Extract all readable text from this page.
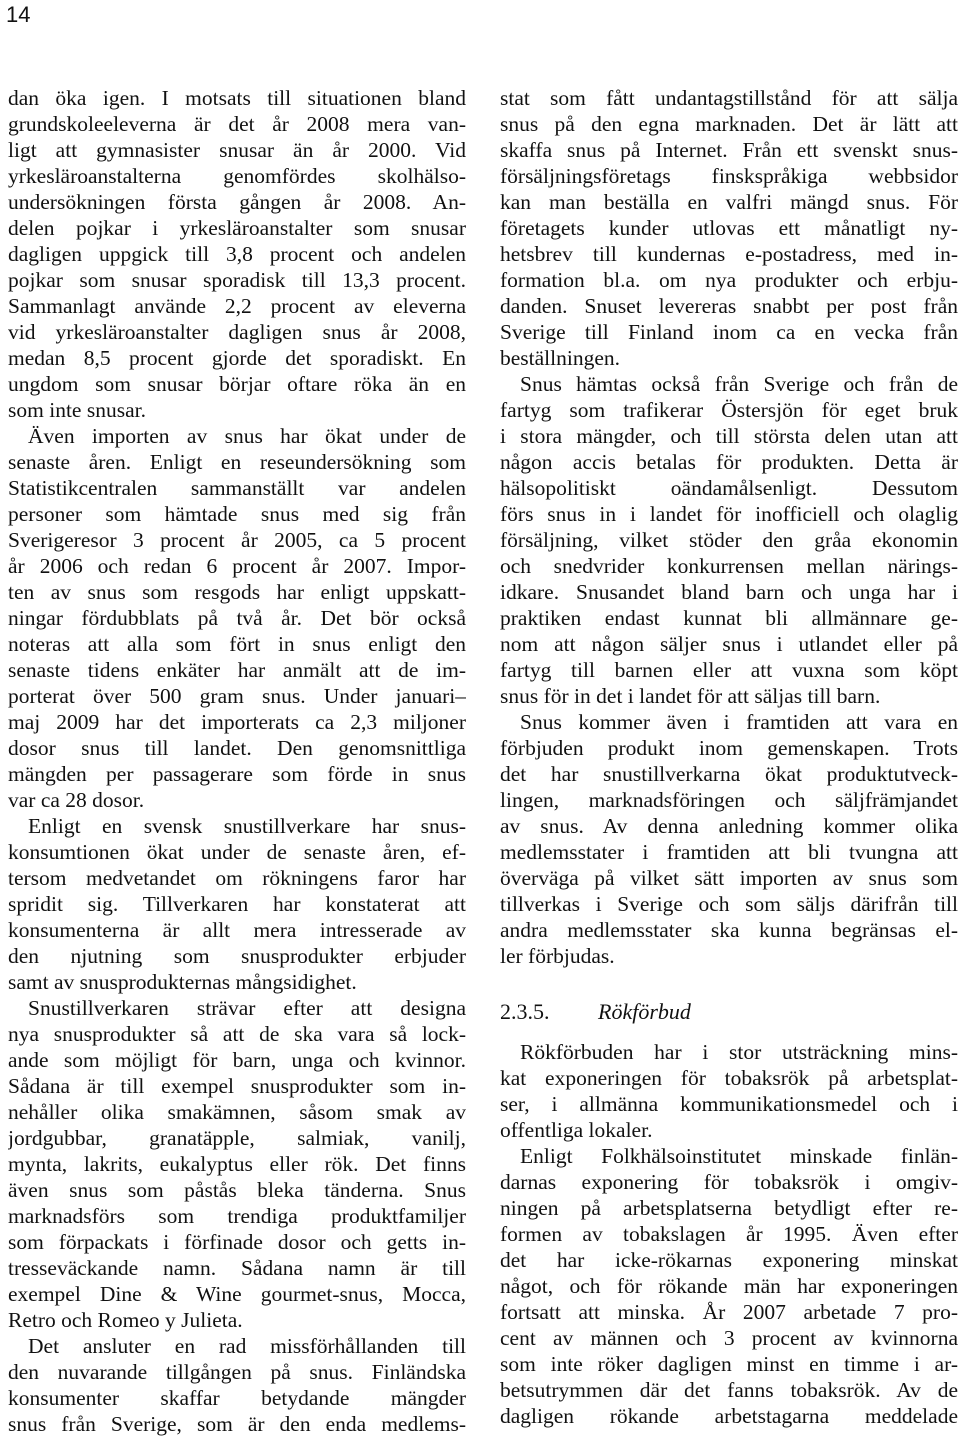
14
dan öka igen. I motsats till situationen bland
grundskoleeleverna är det år 2008 mera van-
ligt att gymnasister snusar än år 2000. Vid
yrkesläroanstalterna genomfördes skolhälso-
undersökningen första gången år 2008. An-
delen pojkar i yrkesläroanstalter som snusar
dagligen uppgick till 3,8 procent och andelen
pojkar som snusar sporadisk till 13,3 procent.
Sammanlagt använde 2,2 procent av eleverna
vid yrkesläroanstalter dagligen snus år 2008,
medan 8,5 procent gjorde det sporadiskt. En
ungdom som snusar börjar oftare röka än en
som inte snusar.
Även importen av snus har ökat under de
senaste åren. Enligt en reseundersökning som
Statistikcentralen sammanställt var andelen
personer som hämtade snus med sig från
Sverigeresor 3 procent år 2005, ca 5 procent
år 2006 och redan 6 procent år 2007. Impor-
ten av snus som resgods har enligt uppskatt-
ningar fördubblats på två år. Det bör också
noteras att alla som fört in snus enligt den
senaste tidens enkäter har anmält att de im-
porterat över 500 gram snus. Under januari–
maj 2009 har det importerats ca 2,3 miljoner
dosor snus till landet. Den genomsnittliga
mängden per passagerare som förde in snus
var ca 28 dosor.
Enligt en svensk snustillverkare har snus-
konsumtionen ökat under de senaste åren, ef-
tersom medvetandet om rökningens faror har
spridit sig. Tillverkaren har konstaterat att
konsumenterna är allt mera intresserade av
den njutning som snusprodukter erbjuder
samt av snusprodukternas mångsidighet.
Snustillverkaren strävar efter att designa
nya snusprodukter så att de ska vara så lock-
ande som möjligt för barn, unga och kvinnor.
Sådana är till exempel snusprodukter som in-
nehåller olika smakämnen, såsom smak av
jordgubbar, granatäpple, salmiak, vanilj,
mynta, lakrits, eukalyptus eller rök. Det finns
även snus som påstås bleka tänderna. Snus
marknadsförs som trendiga produktfamiljer
som förpackats i förfinade dosor och getts in-
tresseväckande namn. Sådana namn är till
exempel Dine & Wine gourmet-snus, Mocca,
Retro och Romeo y Julieta.
Det ansluter en rad missförhållanden till
den nuvarande tillgången på snus. Finländska
konsumenter skaffar betydande mängder
snus från Sverige, som är den enda medlems-
stat som fått undantagstillstånd för att sälja
snus på den egna marknaden. Det är lätt att
skaffa snus på Internet. Från ett svenskt snus-
försäljningsföretags finskspråkiga webbsidor
kan man beställa en valfri mängd snus. För
företagets kunder utlovas ett månatligt ny-
hetsbrev till kundernas e-postadress, med in-
formation bl.a. om nya produkter och erbju-
danden. Snuset levereras snabbt per post från
Sverige till Finland inom ca en vecka från
beställningen.
Snus hämtas också från Sverige och från de
fartyg som trafikerar Östersjön för eget bruk
i stora mängder, och till största delen utan att
någon accis betalas för produkten. Detta är
hälsopolitiskt oändamålsenligt. Dessutom
förs snus in i landet för inofficiell och olaglig
försäljning, vilket stöder den gråa ekonomin
och snedvrider konkurrensen mellan närings-
idkare. Snusandet bland barn och unga har i
praktiken endast kunnat bli allmännare ge-
nom att någon säljer snus i utlandet eller på
fartyg till barnen eller att vuxna som köpt
snus för in det i landet för att säljas till barn.
Snus kommer även i framtiden att vara en
förbjuden produkt inom gemenskapen. Trots
det har snustillverkarna ökat produktutveck-
lingen, marknadsföringen och säljfrämjandet
av snus. Av denna anledning kommer olika
medlemsstater i framtiden att bli tvungna att
överväga på vilket sätt importen av snus som
tillverkas i Sverige och som säljs därifrån till
andra medlemsstater ska kunna begränsas el-
ler förbjudas.
2.3.5. Rökförbud
Rökförbuden har i stor utsträckning mins-
kat exponeringen för tobaksrök på arbetsplat-
ser, i allmänna kommunikationsmedel och i
offentliga lokaler.
Enligt Folkhälsoinstitutet minskade finlän-
darnas exponering för tobaksrök i omgiv-
ningen på arbetsplatserna betydligt efter re-
formen av tobakslagen år 1995. Även efter
det har icke-rökarnas exponering minskat
något, och för rökande män har exponeringen
fortsatt att minska. År 2007 arbetade 7 pro-
cent av männen och 3 procent av kvinnorna
som inte röker dagligen minst en timme i ar-
betsutrymmen där det fanns tobaksrök. Av de
dagligen rökande arbetstagarna meddelade
